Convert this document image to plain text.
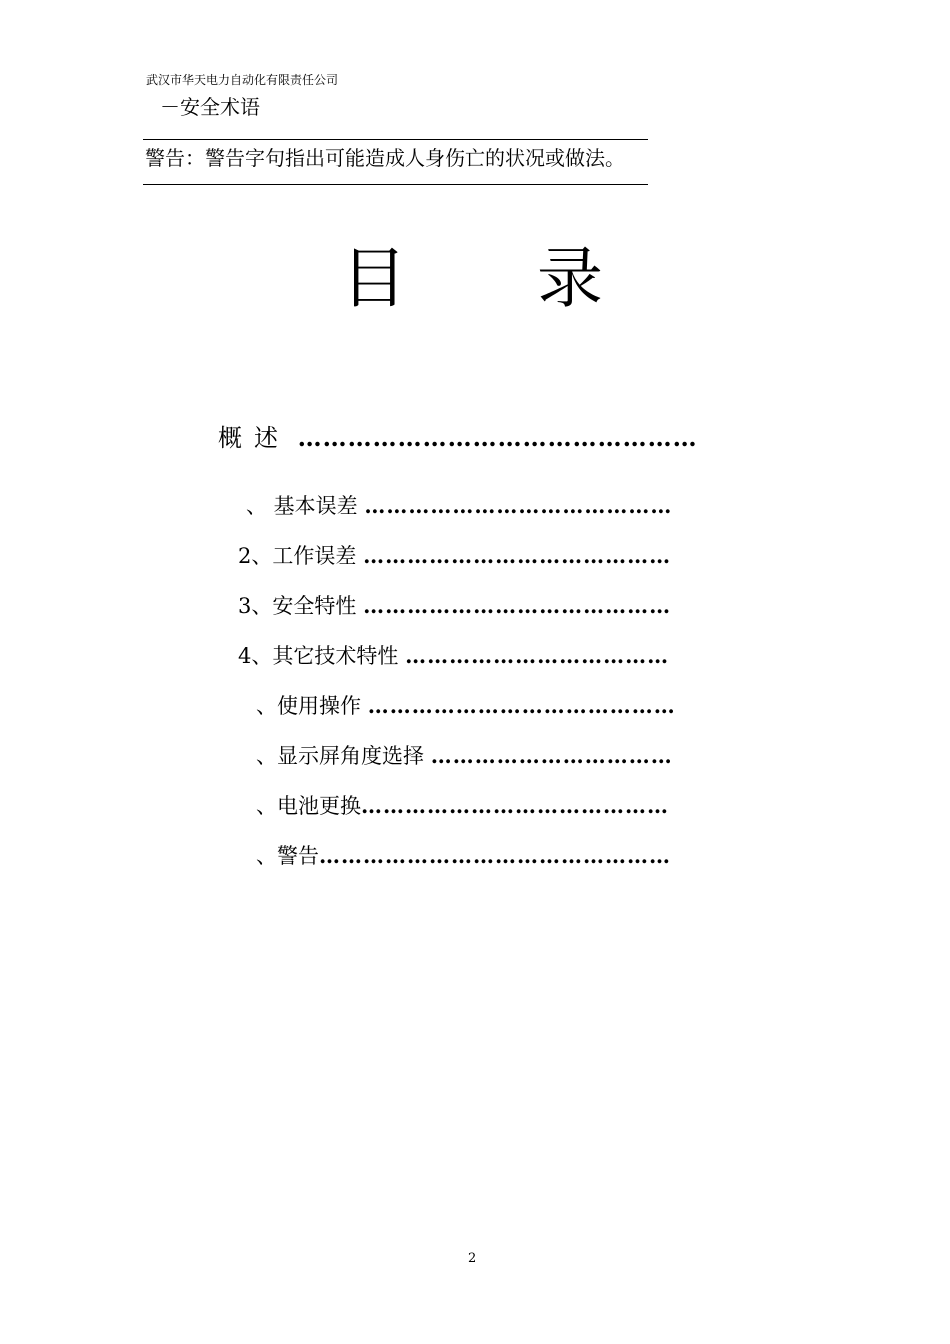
武汉市华天电力自动化有限责任公司
－安全术语
警告：警告字句指出可能造成人身伤亡的状况或做法。
目录
概述 …………………………………………
、 基本误差 ……………………………………
2、工作误差 ……………………………………
3、安全特性 ……………………………………
4、其它技术特性 ………………………………
、使用操作 ……………………………………
、显示屏角度选择 ……………………………
、电池更换……………………………………
、警告…………………………………………
2
